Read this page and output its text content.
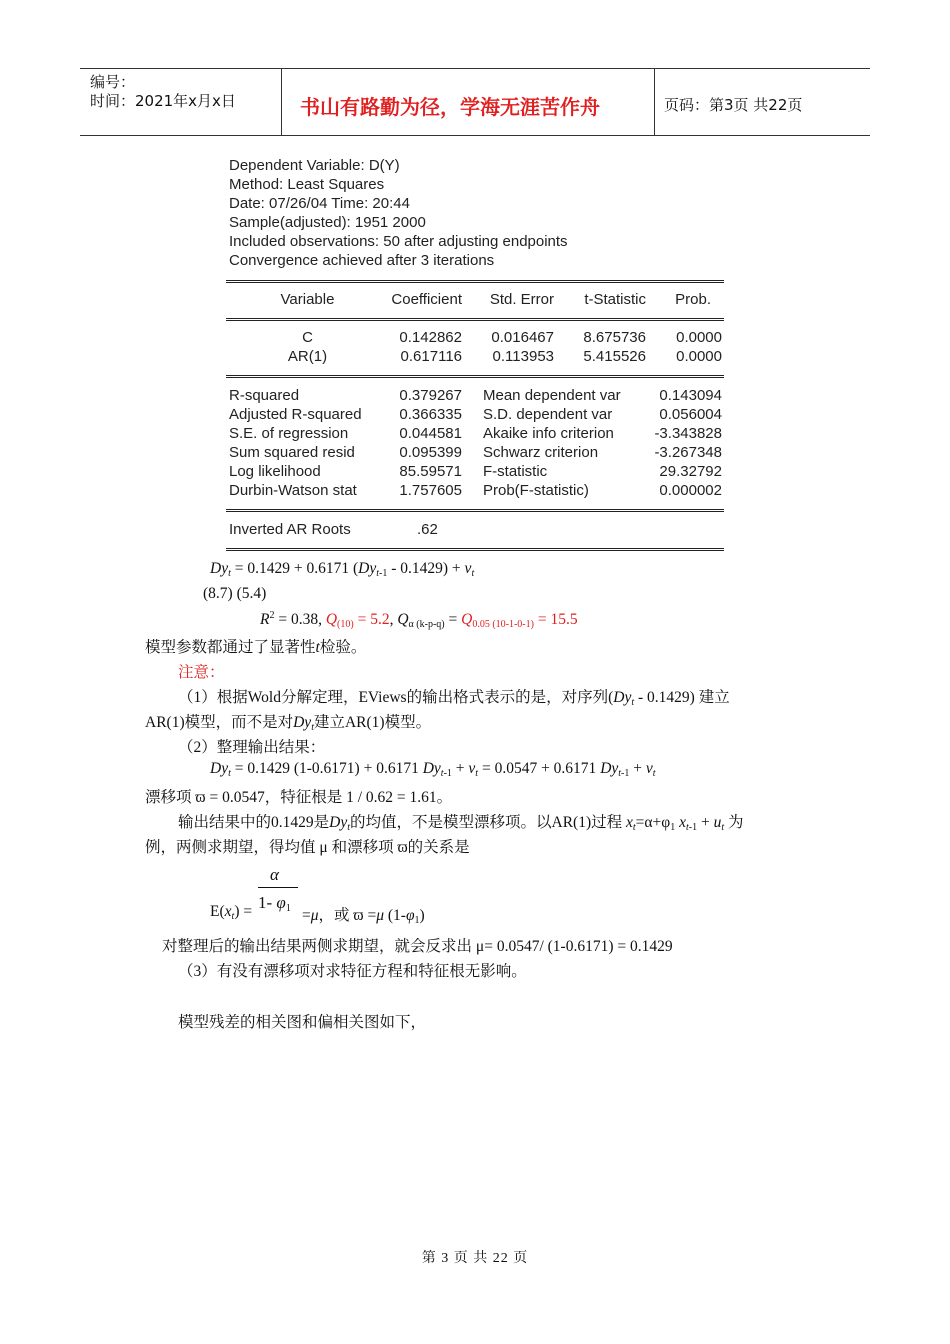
编号：
时间：2021年x月x日	书山有路勤为径，学海无涯苦作舟	页码：第3页 共22页
Dependent Variable: D(Y)
Method: Least Squares
Date: 07/26/04 Time: 20:44
Sample(adjusted): 1951 2000
Included observations: 50 after adjusting endpoints
Convergence achieved after 3 iterations
Variable	Coefficient	Std. Error	t-Statistic	Prob.
C	0.142862	0.016467	8.675736	0.0000
AR(1)	0.617116	0.113953	5.415526	0.0000
R-squared	0.379267 Mean dependent var	0.143094
Adjusted R-squared	0.366335 S.D. dependent var	0.056004
S.E. of regression	0.044581 Akaike info criterion	-3.343828
Sum squared resid	0.095399 Schwarz criterion	-3.267348
Log likelihood	85.59571 F-statistic	29.32792
Durbin-Watson stat	1.757605 Prob(F-statistic)	0.000002
Inverted AR Roots	.62
$Dy_t = 0.1429 + 0.6171$ $(Dy_{t-1} - 0.1429) + v_t$
(8.7) (5.4)
$R^2 = 0.38$, $Q_{(10)} = 5.2$, $Q_{\alpha (k-p-q)} = Q_{0.05 (10-1-0-1)} = 15.5$
模型参数都通过了显著性t检验。
注意：
（1）根据Wold分解定理，EViews的输出格式表示的是，对序列$(Dy_t - 0.1429)$ 建立
AR(1)模型，而不是对$Dy_t$建立AR(1)模型。
（2）整理输出结果：
$Dy_t = 0.1429$ (1-0.6171) + 0.6171 $Dy_{t-1} + v_t = 0.0547 + 0.6171$ $Dy_{t-1} + v_t$
漂移项 ϖ = 0.0547，特征根是 1 / 0.62 = 1.61。
输出结果中的0.1429是$Dy_t$的均值，不是模型漂移项。以AR(1)过程 $x_t=\alpha+\varphi_1$ $x_{t-1} + u_t$ 为
例，两侧求期望，得均值 μ 和漂移项 ϖ的关系是
α
1- $\varphi_1$
$E(x_t)$ =	=μ，或 ϖ =μ $(1-\varphi_1)$
对整理后的输出结果两侧求期望，就会反求出 μ= 0.0547/ (1-0.6171) = 0.1429
（3）有没有漂移项对求特征方程和特征根无影响。
模型残差的相关图和偏相关图如下，
第 3 页 共 22 页
